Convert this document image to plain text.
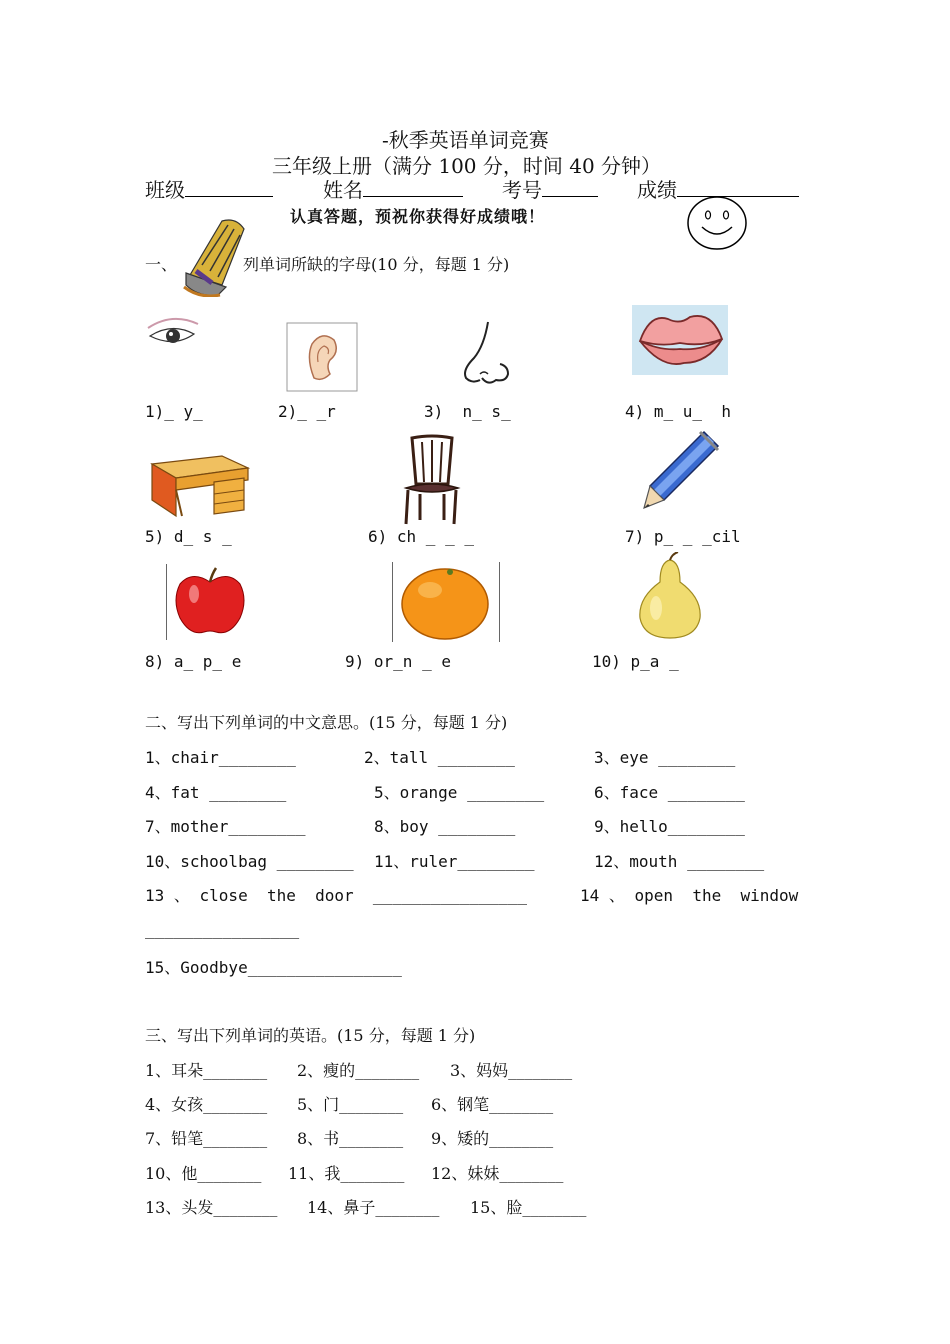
-秋季英语单词竞赛
三年级上册（满分 100 分，时间 40 分钟）
班级	姓名	考号	成绩
认真答题，预祝你获得好成绩哦！
一、	列单词所缺的字母(10 分，每题 1 分)
1)_ y_	2)_ _r	3)  n_ s_	4) m_ u_  h
5) d_ s _	6) ch _ _ _	7) p_ _ _cil
8) a_ p_ e	9) or_n _ e	10) p_a _
二、写出下列单词的中文意思。(15 分，每题 1 分)
1、chair________	2、tall ________	3、eye ________
4、fat ________	5、orange ________	6、face ________
7、mother________	8、boy ________	9、hello________
10、schoolbag ________ 11、ruler________	12、mouth ________
13 、 close  the  door  ________________	14 、 open  the  window
________________
15、Goodbye________________
三、写出下列单词的英语。(15 分，每题 1 分)
1、耳朵________ 2、瘦的________ 3、妈妈________
4、女孩________ 5、门________ 6、钢笔________
7、铅笔________ 8、书________ 9、矮的________
10、他________ 11、我________ 12、妹妹________
13、头发________ 14、鼻子________ 15、脸________
